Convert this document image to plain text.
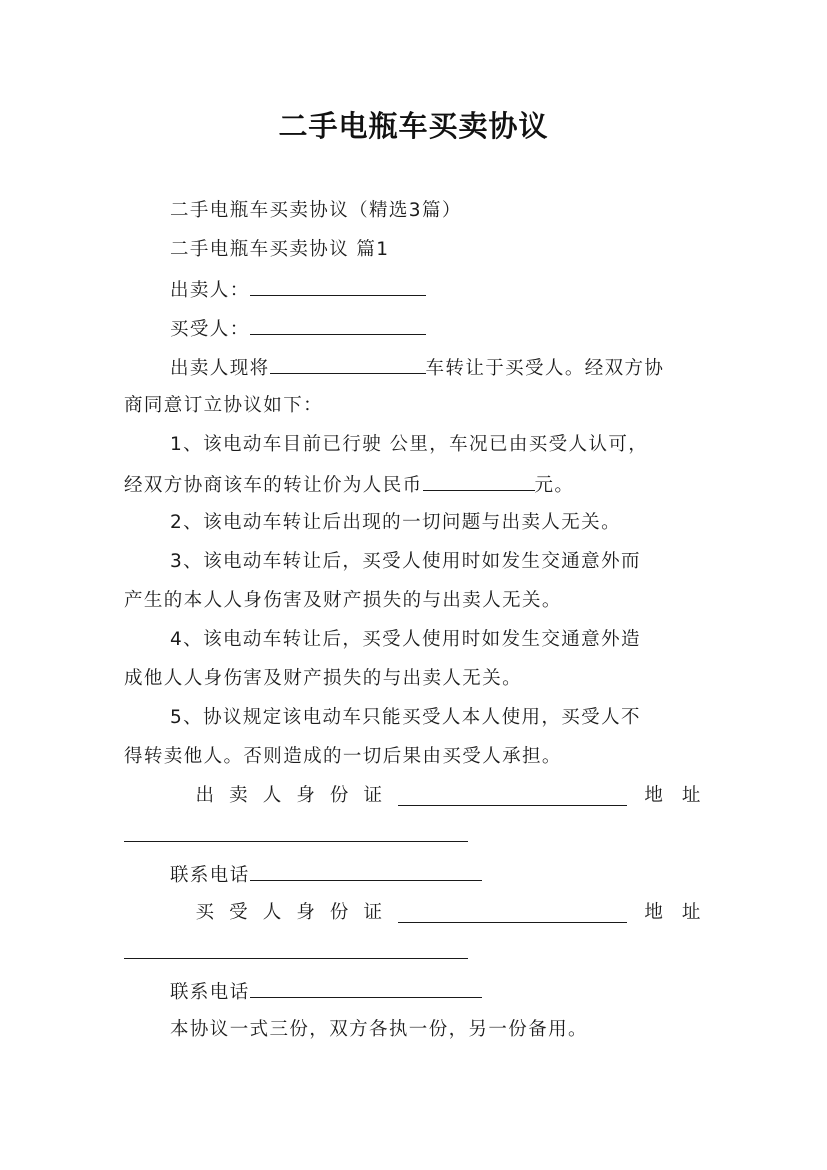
二手电瓶车买卖协议
二手电瓶车买卖协议（精选3篇）
二手电瓶车买卖协议 篇1
出卖人：
买受人：
出卖人现将	车转让于买受人。经双方协
商同意订立协议如下：
1、该电动车目前已行驶 公里，车况已由买受人认可，
经双方协商该车的转让价为人民币	元。
2、该电动车转让后出现的一切问题与出卖人无关。
3、该电动车转让后，买受人使用时如发生交通意外而
产生的本人人身伤害及财产损失的与出卖人无关。
4、该电动车转让后，买受人使用时如发生交通意外造
成他人人身伤害及财产损失的与出卖人无关。
5、协议规定该电动车只能买受人本人使用，买受人不
得转卖他人。否则造成的一切后果由买受人承担。
出 卖 人 身 份 证	地	址
联系电话
买 受 人 身 份 证	地	址
联系电话
本协议一式三份，双方各执一份，另一份备用。
